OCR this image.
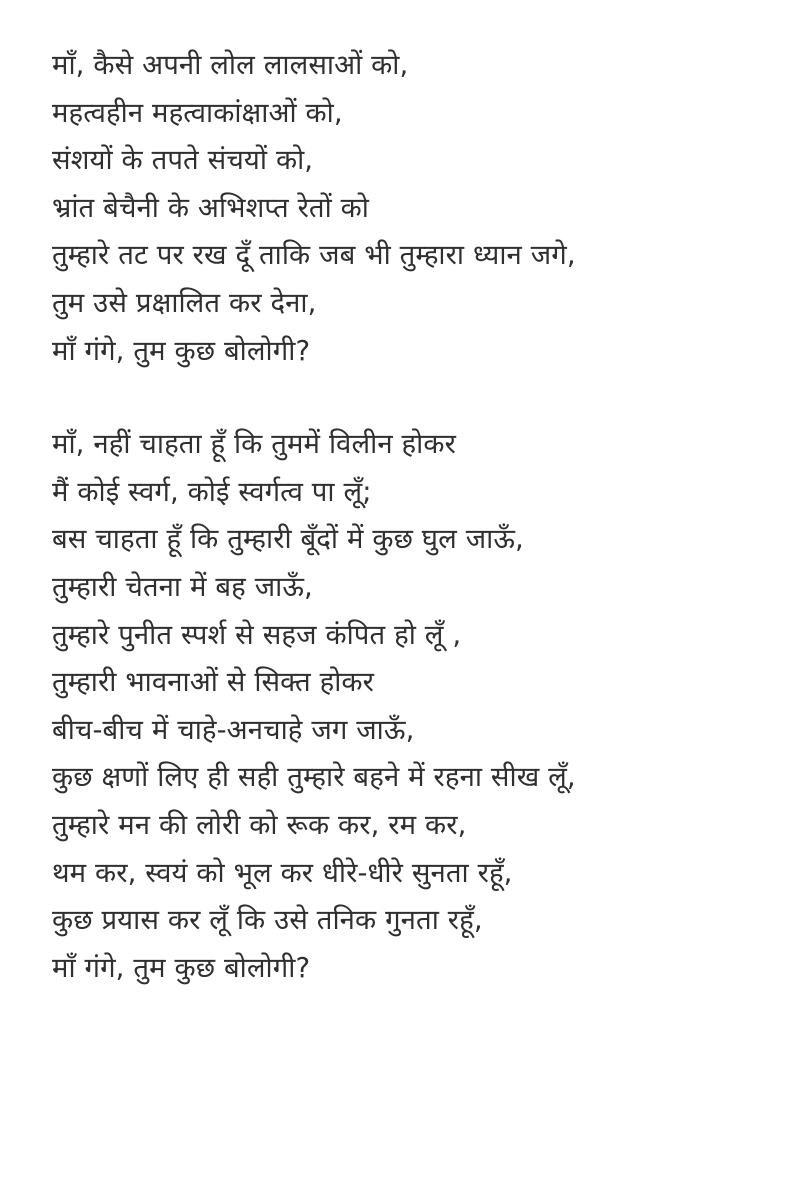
माँ, कैसे अपनी लोल लालसाओं को,
महत्वहीन महत्वाकांक्षाओं को,
संशयों के तपते संचयों को,
भ्रांत बेचैनी के अभिशप्त रेतों को
तुम्हारे तट पर रख दूँ ताकि जब भी तुम्हारा ध्यान जगे,
तुम उसे प्रक्षालित कर देना,
माँ गंगे, तुम कुछ बोलोगी?
माँ, नहीं चाहता हूँ कि तुममें विलीन होकर
मैं कोई स्वर्ग, कोई स्वर्गत्व पा लूँ;
बस चाहता हूँ कि तुम्हारी बूँदों में कुछ घुल जाऊँ,
तुम्हारी चेतना में बह जाऊँ,
तुम्हारे पुनीत स्पर्श से सहज कंपित हो लूँ ,
तुम्हारी भावनाओं से सिक्त होकर
बीच-बीच में चाहे-अनचाहे जग जाऊँ,
कुछ क्षणों लिए ही सही तुम्हारे बहने में रहना सीख लूँ,
तुम्हारे मन की लोरी को रूक कर, रम कर,
थम कर, स्वयं को भूल कर धीरे-धीरे सुनता रहूँ,
कुछ प्रयास कर लूँ कि उसे तनिक गुनता रहूँ,
माँ गंगे, तुम कुछ बोलोगी?
